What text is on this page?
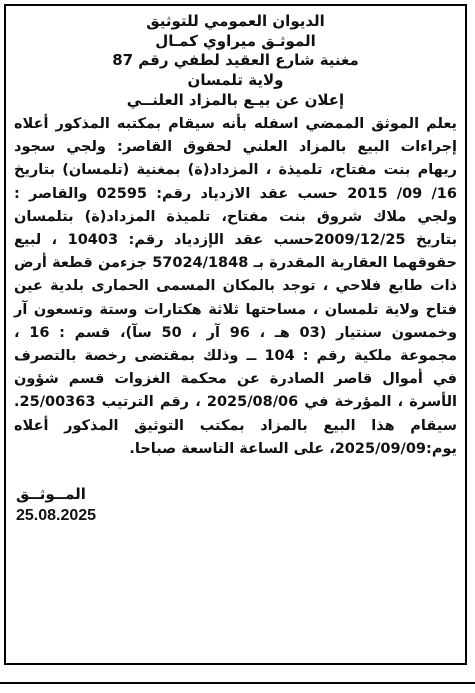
الديوان العمومي للتوثيق
الموثـق ميراوي كمـال
مغنية شارع العقيد لطفي رقم 87
ولاية تلمسان
إعلان عن بيـع بالمزاد العلنــي
يعلم الموثق الممضي اسفله بأنه سيقام بمكتبه المذكور أعلاه إجراءات البيع بالمزاد العلني لحقوق القاصر: ولجي سجود ريهام بنت مفتاح، تلميذة ، المزداد(ة) بمغنية (تلمسان) بتاريخ 16/ 09/ 2015 حسب عقد الازدياد رقم: 02595 والقاصر : ولجي ملاك شروق بنت مفتاح، تلميذة المزداد(ة) بتلمسان بتاريخ 2009/12/25حسب عقد الإزدياد رقم: 10403 ، لبيع حقوقهما العقارية المقدرة بـ 57024/1848 جزءمن قطعة أرض ذات طابع فلاحي ، توجد بالمكان المسمى الحمارى بلدية عين فتاح ولاية تلمسان ، مساحتها ثلاثة هكتارات وستة وتسعون آر وخمسون سنتيار (03 هـ ، 96 آر ، 50 سآ)، قسم : 16 ، مجموعة ملكية رقم : 104 ــ وذلك بمقتضى رخصة بالتصرف في أموال قاصر الصادرة عن محكمة الغزوات قسم شؤون الأسرة ، المؤرخة في 2025/08/06 ، رقم الترتيب 25/00363. سيقام هذا البيع بالمزاد بمكتب التوثيق المذكور أعلاه يوم:2025/09/09، على الساعة التاسعة صباحا.
المــوثــق
25.08.2025
